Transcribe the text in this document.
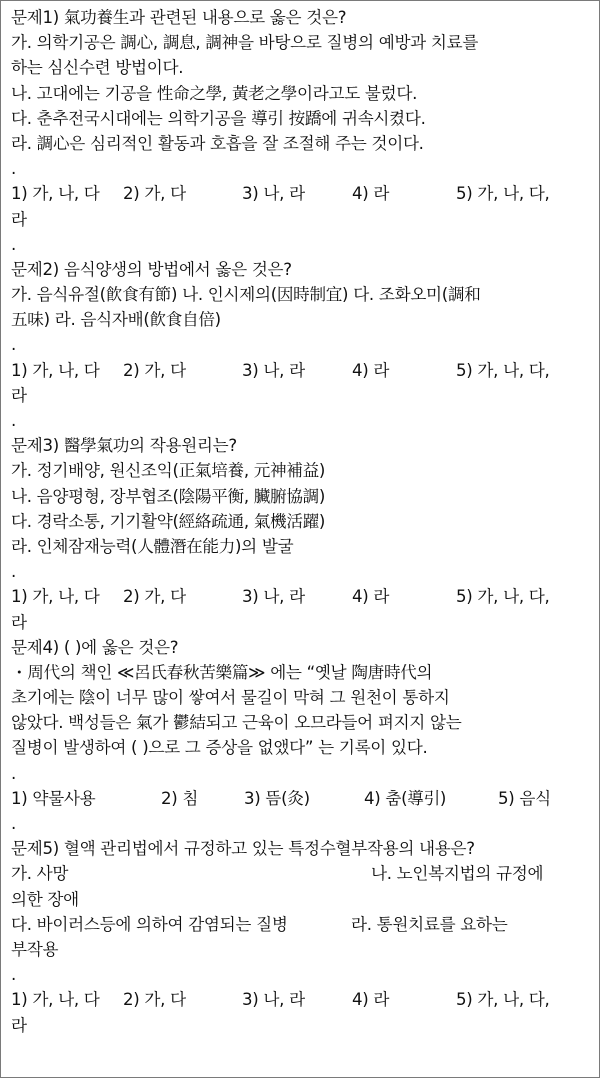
문제1) 氣功養生과 관련된 내용으로 옳은 것은?
가. 의학기공은 調心, 調息, 調神을 바탕으로 질병의 예방과 치료를
하는 심신수련 방법이다.
나. 고대에는 기공을 性命之學, 黃老之學이라고도 불렀다.
다. 춘추전국시대에는 의학기공을 導引 按蹻에 귀속시켰다.
라. 調心은 심리적인 활동과 호흡을 잘 조절해 주는 것이다.
.
1) 가, 나, 다 2) 가, 다	3) 나, 라	4) 라	5) 가, 나, 다,
라
.
문제2) 음식양생의 방법에서 옳은 것은?
가. 음식유절(飮食有節) 나. 인시제의(因時制宜) 다. 조화오미(調和
五味) 라. 음식자배(飮食自倍)
.
1) 가, 나, 다 2) 가, 다	3) 나, 라	4) 라	5) 가, 나, 다,
라
.
문제3) 醫學氣功의 작용원리는?
가. 정기배양, 원신조익(正氣培養, 元神補益)
나. 음양평형, 장부협조(陰陽平衡, 臟腑協調)
다. 경락소통, 기기활약(經絡疏通, 氣機活躍)
라. 인체잠재능력(人體潛在能力)의 발굴
.
1) 가, 나, 다 2) 가, 다	3) 나, 라	4) 라	5) 가, 나, 다,
라
문제4) ( )에 옳은 것은?
・周代의 책인 ≪呂氏春秋苦樂篇≫ 에는 “옛날 陶唐時代의
초기에는 陰이 너무 많이 쌓여서 물길이 막혀 그 원천이 통하지
않았다. 백성들은 氣가 鬱結되고 근육이 오므라들어 펴지지 않는
질병이 발생하여 ( )으로 그 증상을 없앴다” 는 기록이 있다.
.
1) 약물사용	2) 침	3) 뜸(灸)	4) 춤(導引)	5) 음식
.
문제5) 혈액 관리법에서 규정하고 있는 특정수혈부작용의 내용은?
가. 사망	나. 노인복지법의 규정에
의한 장애
다. 바이러스등에 의하여 감염되는 질병	라. 통원치료를 요하는
부작용
.
1) 가, 나, 다 2) 가, 다	3) 나, 라	4) 라	5) 가, 나, 다,
라
